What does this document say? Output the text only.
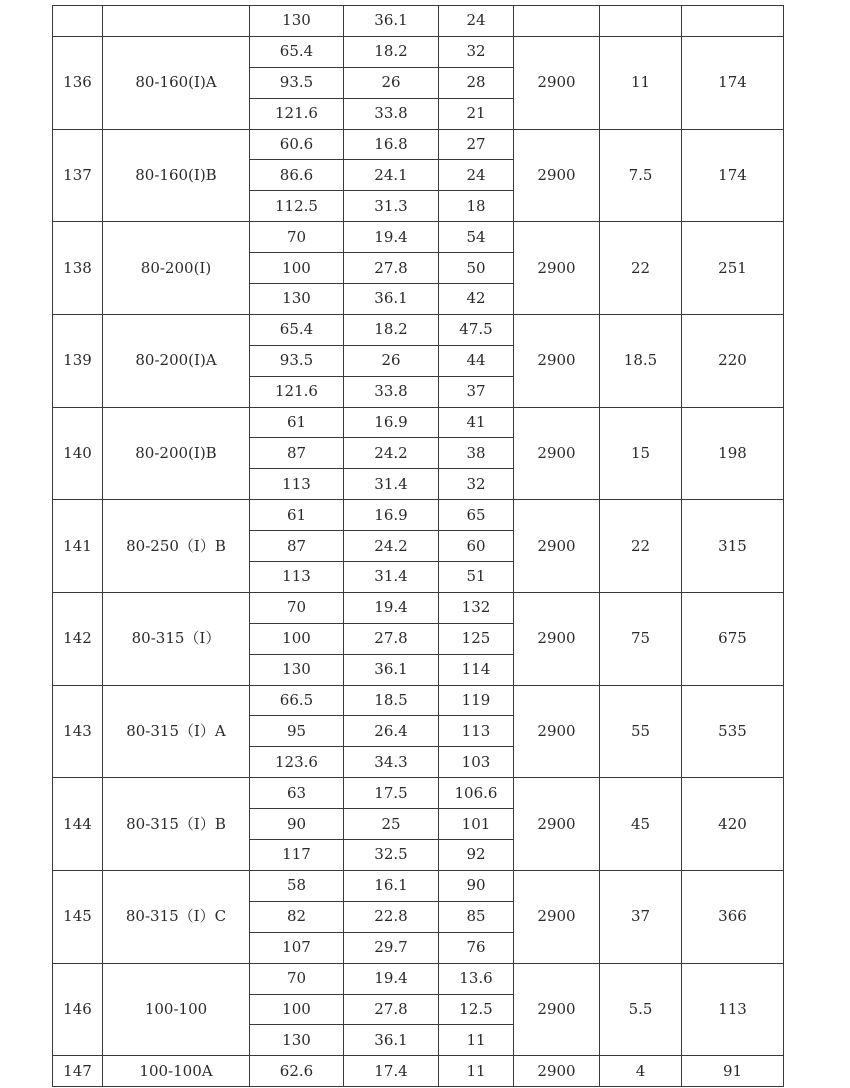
		130	36.1	24			
136	80-160(I)A	65.4	18.2	32	2900	11	174
		93.5	26	28			
		121.6	33.8	21			
137	80-160(I)B	60.6	16.8	27	2900	7.5	174
		86.6	24.1	24			
		112.5	31.3	18			
138	80-200(I)	70	19.4	54	2900	22	251
		100	27.8	50			
		130	36.1	42			
139	80-200(I)A	65.4	18.2	47.5	2900	18.5	220
		93.5	26	44			
		121.6	33.8	37			
140	80-200(I)B	61	16.9	41	2900	15	198
		87	24.2	38			
		113	31.4	32			
141	80-250（I）B	61	16.9	65	2900	22	315
		87	24.2	60			
		113	31.4	51			
142	80-315（I）	70	19.4	132	2900	75	675
		100	27.8	125			
		130	36.1	114			
143	80-315（I）A	66.5	18.5	119	2900	55	535
		95	26.4	113			
		123.6	34.3	103			
144	80-315（I）B	63	17.5	106.6	2900	45	420
		90	25	101			
		117	32.5	92			
145	80-315（I）C	58	16.1	90	2900	37	366
		82	22.8	85			
		107	29.7	76			
146	100-100	70	19.4	13.6	2900	5.5	113
		100	27.8	12.5			
		130	36.1	11			
147	100-100A	62.6	17.4	11	2900	4	91
